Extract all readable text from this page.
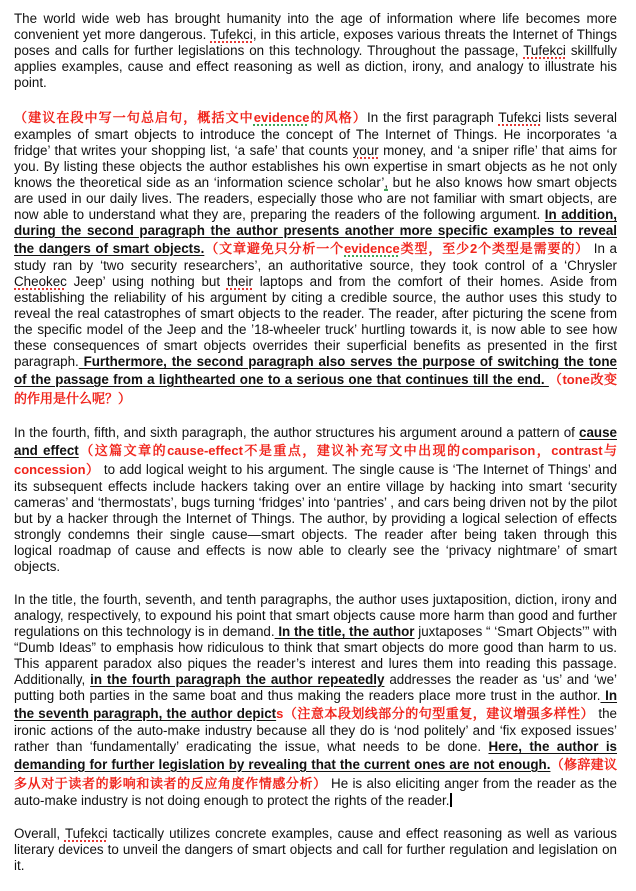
The world wide web has brought humanity into the age of information where life becomes more convenient yet more dangerous. Tufekci, in this article, exposes various threats the Internet of Things poses and calls for further legislations on this technology. Throughout the passage, Tufekci skillfully applies examples, cause and effect reasoning as well as diction, irony, and analogy to illustrate his point.

（建议在段中写一句总启句，概括文中evidence的风格）In the first paragraph Tufekci lists several examples of smart objects to introduce the concept of The Internet of Things. He incorporates ‘a fridge’ that writes your shopping list, ‘a safe’ that counts your money, and ‘a sniper rifle’ that aims for you. By listing these objects the author establishes his own expertise in smart objects as he not only knows the theoretical side as an ‘information science scholar’, but he also knows how smart objects are used in our daily lives. The readers, especially those who are not familiar with smart objects, are now able to understand what they are, preparing the readers of the following argument. In addition, during the second paragraph the author presents another more specific examples to reveal the dangers of smart objects.（文章避免只分析一个evidence类型，至少2个类型是需要的） In a study ran by ‘two security researchers’, an authoritative source, they took control of a ‘Chrysler Cheokec Jeep’ using nothing but their laptops and from the comfort of their homes. Aside from establishing the reliability of his argument by citing a credible source, the author uses this study to reveal the real catastrophes of smart objects to the reader. The reader, after picturing the scene from the specific model of the Jeep and the ’18-wheeler truck’ hurtling towards it, is now able to see how these consequences of smart objects overrides their superficial benefits as presented in the first paragraph. Furthermore, the second paragraph also serves the purpose of switching the tone of the passage from a lighthearted one to a serious one that continues till the end. （tone改变的作用是什么呢？）

In the fourth, fifth, and sixth paragraph, the author structures his argument around a pattern of cause and effect（这篇文章的cause-effect不是重点，建议补充写文中出现的comparison，contrast与concession） to add logical weight to his argument. The single cause is ‘The Internet of Things’ and its subsequent effects include hackers taking over an entire village by hacking into smart ‘security cameras’ and ‘thermostats’, bugs turning ‘fridges’ into ‘pantries’ , and cars being driven not by the pilot but by a hacker through the Internet of Things. The author, by providing a logical selection of effects strongly condemns their single cause—smart objects. The reader after being taken through this logical roadmap of cause and effects is now able to clearly see the ‘privacy nightmare’ of smart objects.

In the title, the fourth, seventh, and tenth paragraphs, the author uses juxtaposition, diction, irony and analogy, respectively, to expound his point that smart objects cause more harm than good and further regulations on this technology is in demand. In the title, the author juxtaposes “ ‘Smart Objects’” with “Dumb Ideas” to emphasis how ridiculous to think that smart objects do more good than harm to us. This apparent paradox also piques the reader’s interest and lures them into reading this passage. Additionally, in the fourth paragraph the author repeatedly addresses the reader as ‘us’ and ‘we’ putting both parties in the same boat and thus making the readers place more trust in the author. In the seventh paragraph, the author depicts（注意本段划线部分的句型重复，建议增强多样性） the ironic actions of the auto-make industry because all they do is ‘nod politely’ and ‘fix exposed issues’ rather than ‘fundamentally’ eradicating the issue, what needs to be done. Here, the author is demanding for further legislation by revealing that the current ones are not enough.（修辞建议多从对于读者的影响和读者的反应角度作情感分析） He is also eliciting anger from the reader as the auto-make industry is not doing enough to protect the rights of the reader.

Overall, Tufekci tactically utilizes concrete examples, cause and effect reasoning as well as various literary devices to unveil the dangers of smart objects and call for further regulation and legislation on it.
